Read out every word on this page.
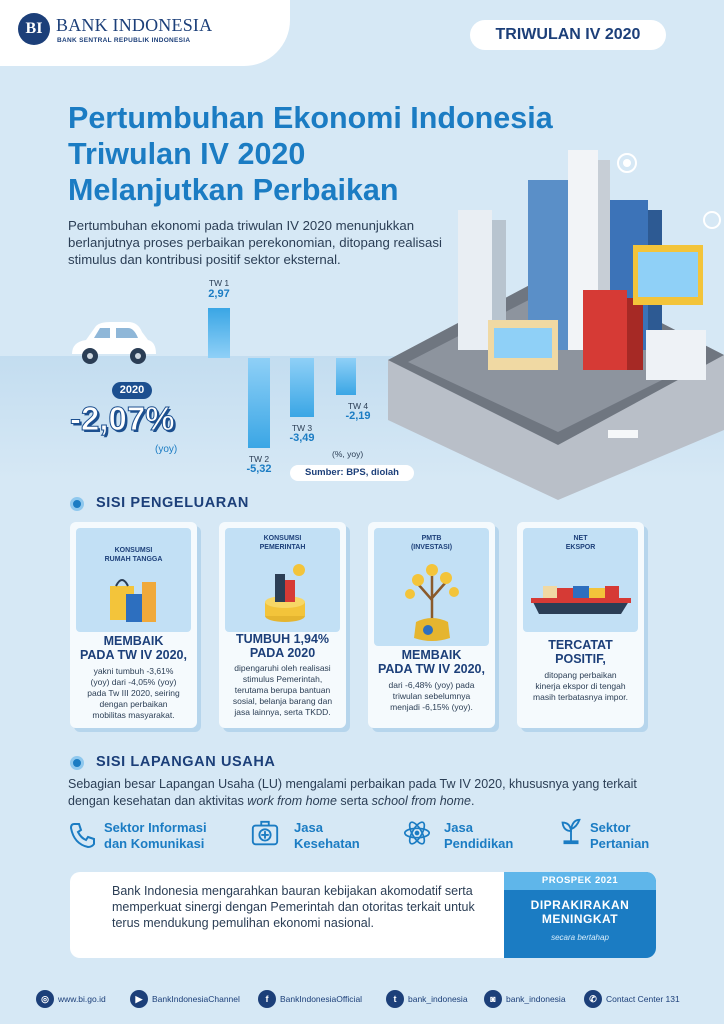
BI BANK INDONESIA
BANK SENTRAL REPUBLIK INDONESIA	TRIWULAN IV 2020
Pertumbuhan Ekonomi Indonesia
Triwulan IV 2020
Melanjutkan Perbaikan
Pertumbuhan ekonomi pada triwulan IV 2020 menunjukkan berlanjutnya proses perbaikan perekonomian, ditopang realisasi stimulus dan kontribusi positif sektor eksternal.
TW 1
2,97
TW 2
-5,32
TW 3
-3,49
TW 4
-2,19
2020
-2,07%
(yoy)	(%, yoy)
Sumber: BPS, diolah
SISI PENGELUARAN
KONSUMSI
RUMAH TANGGA
MEMBAIK
PADA TW IV 2020,
yakni tumbuh -3,61%
(yoy) dari -4,05% (yoy)
pada Tw III 2020, seiring
dengan perbaikan
mobilitas masyarakat.
KONSUMSI
PEMERINTAH
TUMBUH 1,94%
PADA 2020
dipengaruhi oleh realisasi
stimulus Pemerintah,
terutama berupa bantuan
sosial, belanja barang dan
jasa lainnya, serta TKDD.
PMTB
(INVESTASI)
MEMBAIK
PADA TW IV 2020,
dari -6,48% (yoy) pada
triwulan sebelumnya
menjadi -6,15% (yoy).
NET
EKSPOR
TERCATAT
POSITIF,
ditopang perbaikan
kinerja ekspor di tengah
masih terbatasnya impor.
SISI LAPANGAN USAHA
Sebagian besar Lapangan Usaha (LU) mengalami perbaikan pada Tw IV 2020, khususnya yang terkait
dengan kesehatan dan aktivitas work from home serta school from home.
Sektor Informasi
dan Komunikasi
Jasa
Kesehatan
Jasa
Pendidikan
Sektor
Pertanian
Bank Indonesia mengarahkan bauran kebijakan akomodatif serta memperkuat sinergi dengan Pemerintah dan otoritas terkait untuk terus mendukung pemulihan ekonomi nasional.
PROSPEK 2021
DIPRAKIRAKAN
MENINGKAT
secara bertahap
◎	www.bi.go.id	▶	BankIndonesiaChannel	f	BankIndonesiaOfficial	t	bank_indonesia	◙	bank_indonesia	✆	Contact Center 131
